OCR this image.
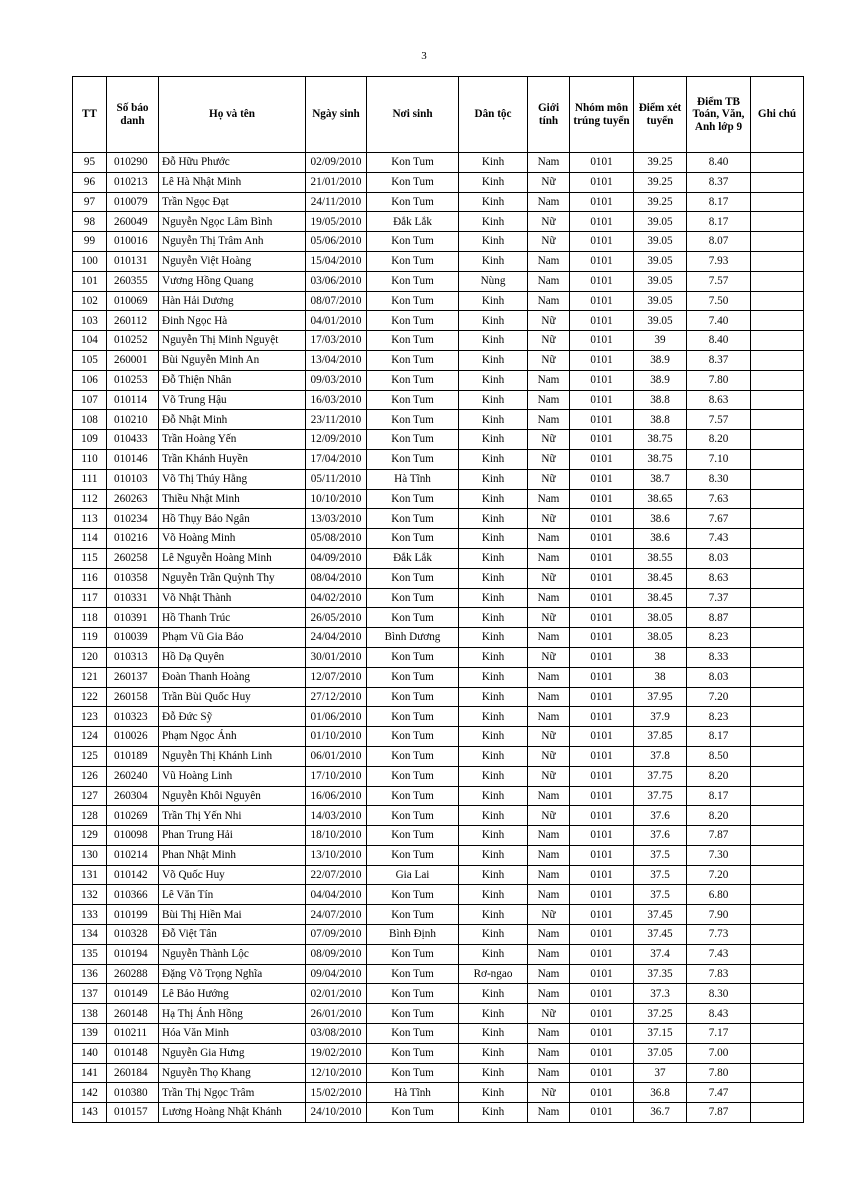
3
TT	Số báo danh	Họ và tên	Ngày sinh	Nơi sinh	Dân tộc	Giới tính	Nhóm môn trúng tuyển	Điểm xét tuyển	Điểm TB Toán, Văn, Anh lớp 9	Ghi chú
95	010290	Đỗ Hữu Phước	02/09/2010	Kon Tum	Kinh	Nam	0101	39.25	8.40	
96	010213	Lê Hà Nhật Minh	21/01/2010	Kon Tum	Kinh	Nữ	0101	39.25	8.37	
97	010079	Trần Ngọc Đạt	24/11/2010	Kon Tum	Kinh	Nam	0101	39.25	8.17	
98	260049	Nguyễn Ngọc Lâm Bình	19/05/2010	Đắk Lắk	Kinh	Nữ	0101	39.05	8.17	
99	010016	Nguyễn Thị Trâm Anh	05/06/2010	Kon Tum	Kinh	Nữ	0101	39.05	8.07	
100	010131	Nguyễn Việt Hoàng	15/04/2010	Kon Tum	Kinh	Nam	0101	39.05	7.93	
101	260355	Vương Hồng Quang	03/06/2010	Kon Tum	Nùng	Nam	0101	39.05	7.57	
102	010069	Hàn Hải Dương	08/07/2010	Kon Tum	Kinh	Nam	0101	39.05	7.50	
103	260112	Đinh Ngọc Hà	04/01/2010	Kon Tum	Kinh	Nữ	0101	39.05	7.40	
104	010252	Nguyễn Thị Minh Nguyệt	17/03/2010	Kon Tum	Kinh	Nữ	0101	39	8.40	
105	260001	Bùi Nguyễn Minh An	13/04/2010	Kon Tum	Kinh	Nữ	0101	38.9	8.37	
106	010253	Đỗ Thiện Nhân	09/03/2010	Kon Tum	Kinh	Nam	0101	38.9	7.80	
107	010114	Võ Trung Hậu	16/03/2010	Kon Tum	Kinh	Nam	0101	38.8	8.63	
108	010210	Đỗ Nhật Minh	23/11/2010	Kon Tum	Kinh	Nam	0101	38.8	7.57	
109	010433	Trần Hoàng Yến	12/09/2010	Kon Tum	Kinh	Nữ	0101	38.75	8.20	
110	010146	Trần Khánh Huyền	17/04/2010	Kon Tum	Kinh	Nữ	0101	38.75	7.10	
111	010103	Võ Thị Thúy Hằng	05/11/2010	Hà Tĩnh	Kinh	Nữ	0101	38.7	8.30	
112	260263	Thiều Nhật Minh	10/10/2010	Kon Tum	Kinh	Nam	0101	38.65	7.63	
113	010234	Hồ Thụy Bảo Ngân	13/03/2010	Kon Tum	Kinh	Nữ	0101	38.6	7.67	
114	010216	Võ Hoàng Minh	05/08/2010	Kon Tum	Kinh	Nam	0101	38.6	7.43	
115	260258	Lê Nguyễn Hoàng Minh	04/09/2010	Đắk Lắk	Kinh	Nam	0101	38.55	8.03	
116	010358	Nguyễn Trần Quỳnh Thy	08/04/2010	Kon Tum	Kinh	Nữ	0101	38.45	8.63	
117	010331	Võ Nhật Thành	04/02/2010	Kon Tum	Kinh	Nam	0101	38.45	7.37	
118	010391	Hồ Thanh Trúc	26/05/2010	Kon Tum	Kinh	Nữ	0101	38.05	8.87	
119	010039	Phạm Vũ Gia Bảo	24/04/2010	Bình Dương	Kinh	Nam	0101	38.05	8.23	
120	010313	Hồ Dạ Quyên	30/01/2010	Kon Tum	Kinh	Nữ	0101	38	8.33	
121	260137	Đoàn Thanh Hoàng	12/07/2010	Kon Tum	Kinh	Nam	0101	38	8.03	
122	260158	Trần Bùi Quốc Huy	27/12/2010	Kon Tum	Kinh	Nam	0101	37.95	7.20	
123	010323	Đỗ Đức Sỹ	01/06/2010	Kon Tum	Kinh	Nam	0101	37.9	8.23	
124	010026	Phạm Ngọc Ánh	01/10/2010	Kon Tum	Kinh	Nữ	0101	37.85	8.17	
125	010189	Nguyễn Thị Khánh Linh	06/01/2010	Kon Tum	Kinh	Nữ	0101	37.8	8.50	
126	260240	Vũ Hoàng Linh	17/10/2010	Kon Tum	Kinh	Nữ	0101	37.75	8.20	
127	260304	Nguyễn Khôi Nguyên	16/06/2010	Kon Tum	Kinh	Nam	0101	37.75	8.17	
128	010269	Trần Thị Yến Nhi	14/03/2010	Kon Tum	Kinh	Nữ	0101	37.6	8.20	
129	010098	Phan Trung Hải	18/10/2010	Kon Tum	Kinh	Nam	0101	37.6	7.87	
130	010214	Phan Nhật Minh	13/10/2010	Kon Tum	Kinh	Nam	0101	37.5	7.30	
131	010142	Võ Quốc Huy	22/07/2010	Gia Lai	Kinh	Nam	0101	37.5	7.20	
132	010366	Lê Văn Tín	04/04/2010	Kon Tum	Kinh	Nam	0101	37.5	6.80	
133	010199	Bùi Thị Hiền Mai	24/07/2010	Kon Tum	Kinh	Nữ	0101	37.45	7.90	
134	010328	Đỗ Việt Tân	07/09/2010	Bình Định	Kinh	Nam	0101	37.45	7.73	
135	010194	Nguyễn Thành Lộc	08/09/2010	Kon Tum	Kinh	Nam	0101	37.4	7.43	
136	260288	Đặng Võ Trọng Nghĩa	09/04/2010	Kon Tum	Rơ-ngao	Nam	0101	37.35	7.83	
137	010149	Lê Bảo Hướng	02/01/2010	Kon Tum	Kinh	Nam	0101	37.3	8.30	
138	260148	Hạ Thị Ánh Hồng	26/01/2010	Kon Tum	Kinh	Nữ	0101	37.25	8.43	
139	010211	Hóa Văn Minh	03/08/2010	Kon Tum	Kinh	Nam	0101	37.15	7.17	
140	010148	Nguyễn Gia Hưng	19/02/2010	Kon Tum	Kinh	Nam	0101	37.05	7.00	
141	260184	Nguyễn Thọ Khang	12/10/2010	Kon Tum	Kinh	Nam	0101	37	7.80	
142	010380	Trần Thị Ngọc Trâm	15/02/2010	Hà Tĩnh	Kinh	Nữ	0101	36.8	7.47	
143	010157	Lương Hoàng Nhật Khánh	24/10/2010	Kon Tum	Kinh	Nam	0101	36.7	7.87	
